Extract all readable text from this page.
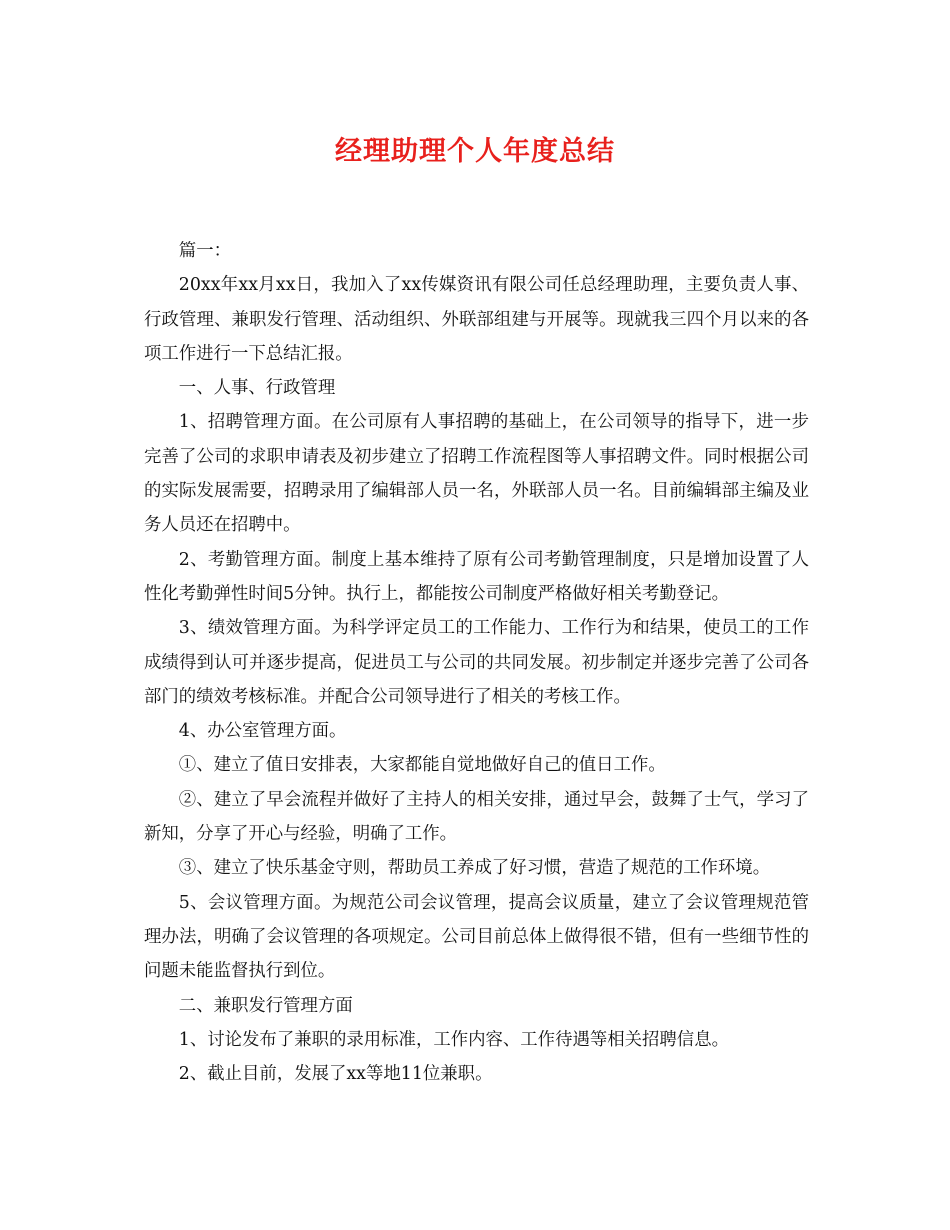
经理助理个人年度总结

篇一：

20xx年xx月xx日，我加入了xx传媒资讯有限公司任总经理助理，主要负责人事、行政管理、兼职发行管理、活动组织、外联部组建与开展等。现就我三四个月以来的各项工作进行一下总结汇报。

一、人事、行政管理

1、招聘管理方面。在公司原有人事招聘的基础上，在公司领导的指导下，进一步完善了公司的求职申请表及初步建立了招聘工作流程图等人事招聘文件。同时根据公司的实际发展需要，招聘录用了编辑部人员一名，外联部人员一名。目前编辑部主编及业务人员还在招聘中。

2、考勤管理方面。制度上基本维持了原有公司考勤管理制度，只是增加设置了人性化考勤弹性时间5分钟。执行上，都能按公司制度严格做好相关考勤登记。

3、绩效管理方面。为科学评定员工的工作能力、工作行为和结果，使员工的工作成绩得到认可并逐步提高，促进员工与公司的共同发展。初步制定并逐步完善了公司各部门的绩效考核标准。并配合公司领导进行了相关的考核工作。

4、办公室管理方面。

①、建立了值日安排表，大家都能自觉地做好自己的值日工作。

②、建立了早会流程并做好了主持人的相关安排，通过早会，鼓舞了士气，学习了新知，分享了开心与经验，明确了工作。

③、建立了快乐基金守则，帮助员工养成了好习惯，营造了规范的工作环境。

5、会议管理方面。为规范公司会议管理，提高会议质量，建立了会议管理规范管理办法，明确了会议管理的各项规定。公司目前总体上做得很不错，但有一些细节性的问题未能监督执行到位。

二、兼职发行管理方面

1、讨论发布了兼职的录用标准，工作内容、工作待遇等相关招聘信息。

2、截止目前，发展了xx等地11位兼职。
